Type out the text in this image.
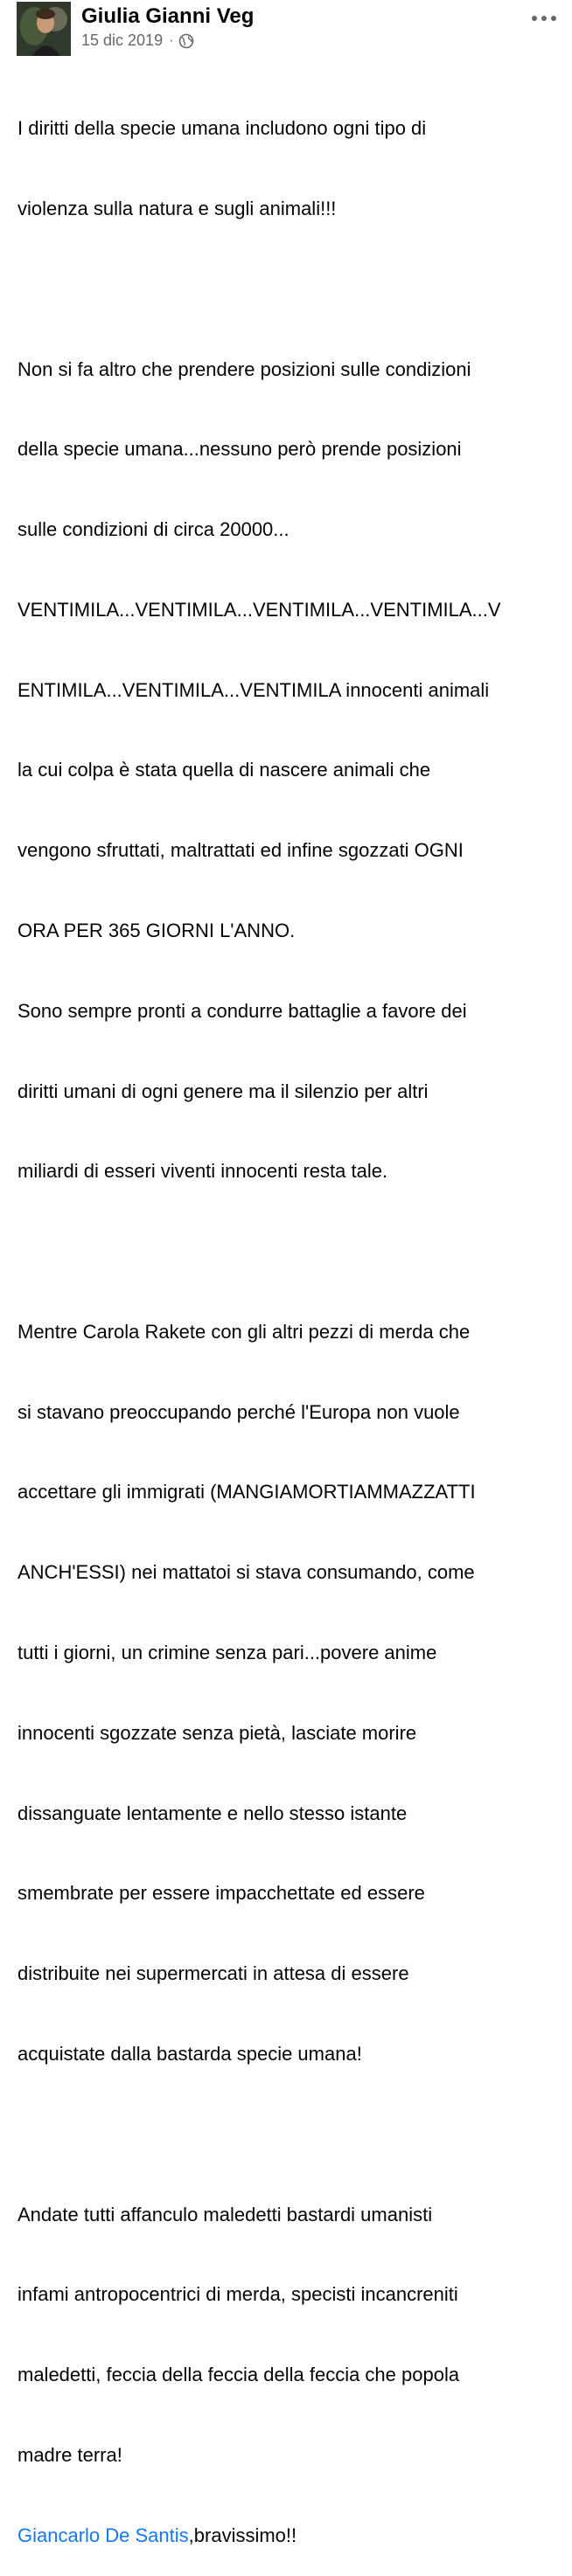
Giulia Gianni Veg
15 dic 2019 ·

I diritti della specie umana includono ogni tipo di

violenza sulla natura e sugli animali!!!

Non si fa altro che prendere posizioni sulle condizioni

della specie umana...nessuno però prende posizioni

sulle condizioni di circa 20000...

VENTIMILA...VENTIMILA...VENTIMILA...VENTIMILA...V

ENTIMILA...VENTIMILA...VENTIMILA innocenti animali

la cui colpa è stata quella di nascere animali che

vengono sfruttati, maltrattati ed infine sgozzati OGNI

ORA PER 365 GIORNI L'ANNO.

Sono sempre pronti a condurre battaglie a favore dei

diritti umani di ogni genere ma il silenzio per altri

miliardi di esseri viventi innocenti resta tale.

Mentre Carola Rakete con gli altri pezzi di merda che

si stavano preoccupando perché l'Europa non vuole

accettare gli immigrati (MANGIAMORTIAMMAZZATTI

ANCH'ESSI) nei mattatoi si stava consumando, come

tutti i giorni, un crimine senza pari...povere anime

innocenti sgozzate senza pietà, lasciate morire

dissanguate lentamente e nello stesso istante

smembrate per essere impacchettate ed essere

distribuite nei supermercati in attesa di essere

acquistate dalla bastarda specie umana!

Andate tutti affanculo maledetti bastardi umanisti

infami antropocentrici di merda, specisti incancreniti

maledetti, feccia della feccia della feccia che popola

madre terra!

Giancarlo De Santis,bravissimo!!
